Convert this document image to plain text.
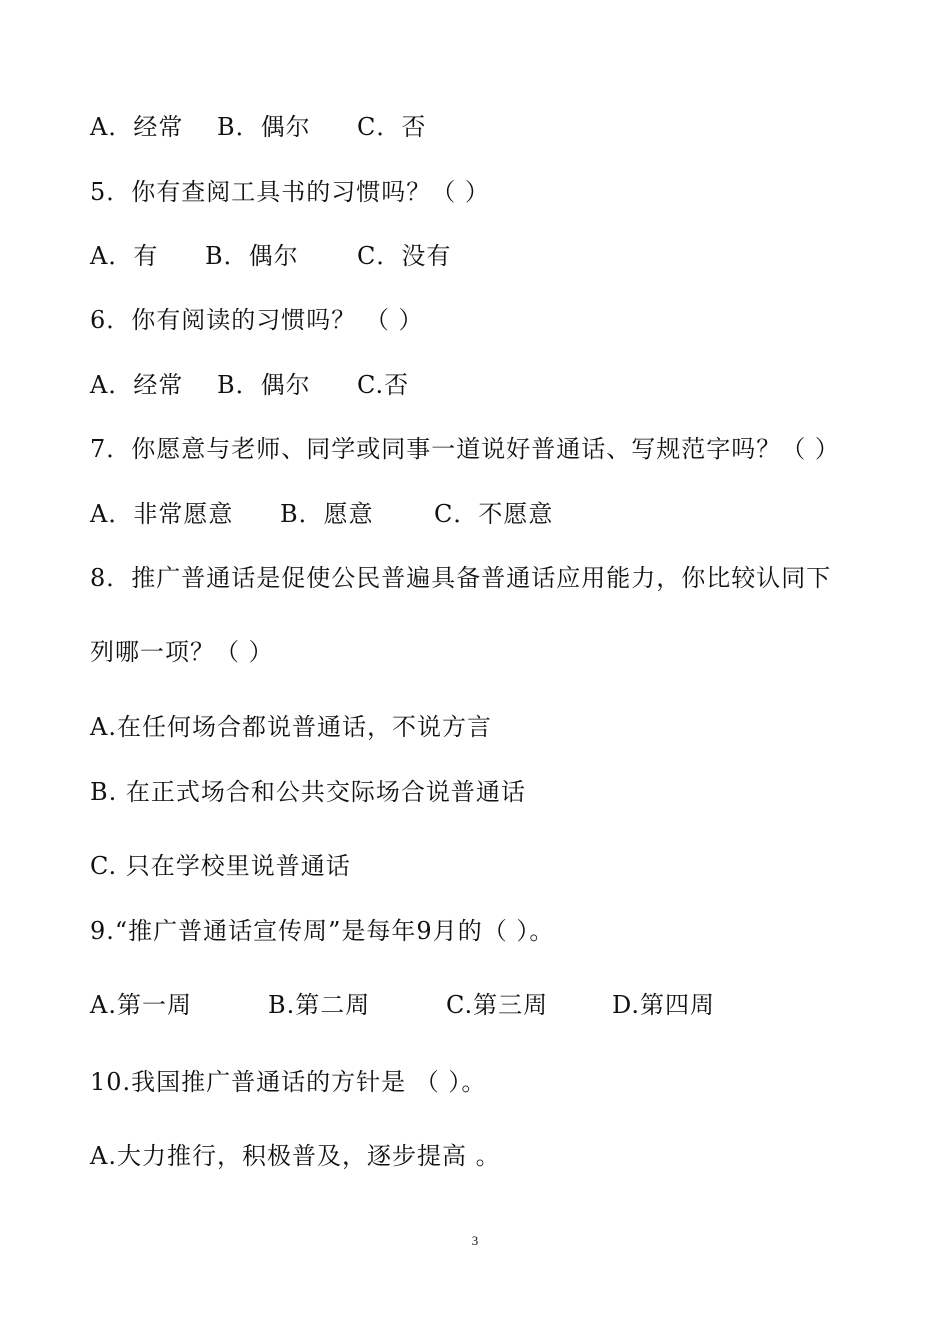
A．经常 B．偶尔 C．否

5．你有查阅工具书的习惯吗？（ ）

A．有 B．偶尔 C．没有

6．你有阅读的习惯吗？ （ ）

A．经常 B．偶尔 C.否

7．你愿意与老师、同学或同事一道说好普通话、写规范字吗？（ ）

A．非常愿意 B．愿意	C．不愿意

8．推广普通话是促使公民普遍具备普通话应用能力，你比较认同下

列哪一项？（ ）

A.在任何场合都说普通话，不说方言

B. 在正式场合和公共交际场合说普通话

C. 只在学校里说普通话

9.“推广普通话宣传周”是每年9月的（ ）。

A.第一周	B.第二周	C.第三周	D.第四周

10.我国推广普通话的方针是 （ ）。

A.大力推行，积极普及，逐步提高 。

3
